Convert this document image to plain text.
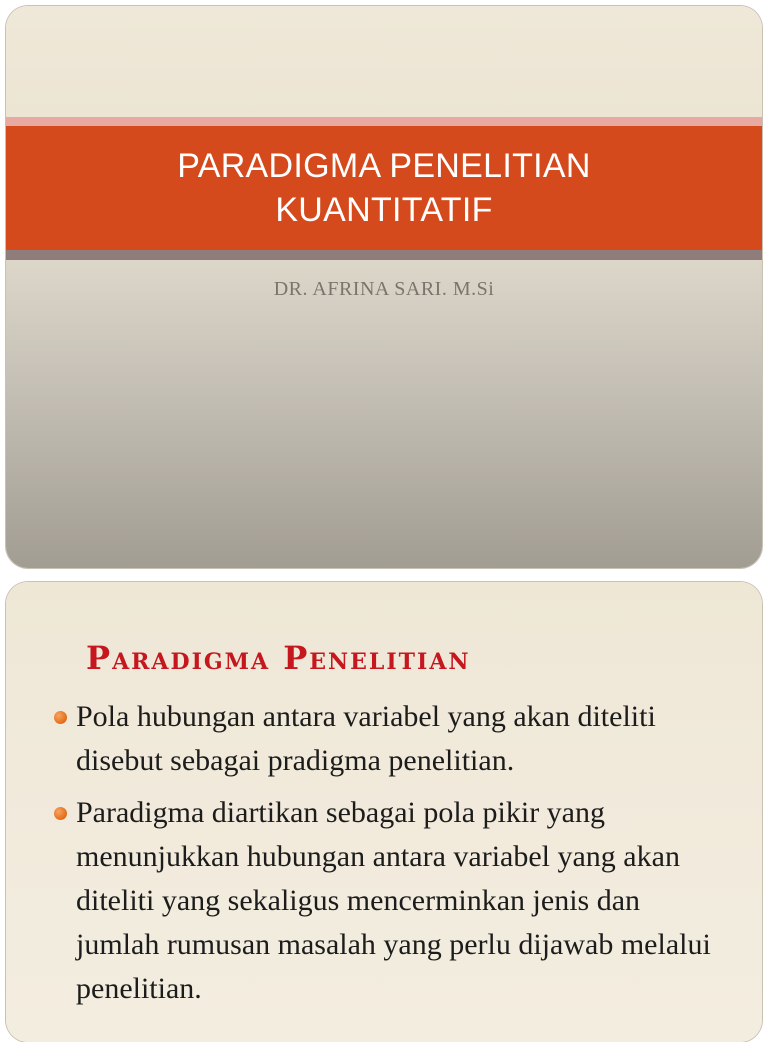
PARADIGMA PENELITIAN
KUANTITATIF
DR. AFRINA SARI. M.Si
Paradigma Penelitian
Pola hubungan antara variabel yang akan diteliti disebut sebagai pradigma penelitian.
Paradigma diartikan sebagai pola pikir yang menunjukkan hubungan antara variabel yang akan diteliti yang sekaligus mencerminkan jenis dan jumlah rumusan masalah yang perlu dijawab melalui penelitian.
